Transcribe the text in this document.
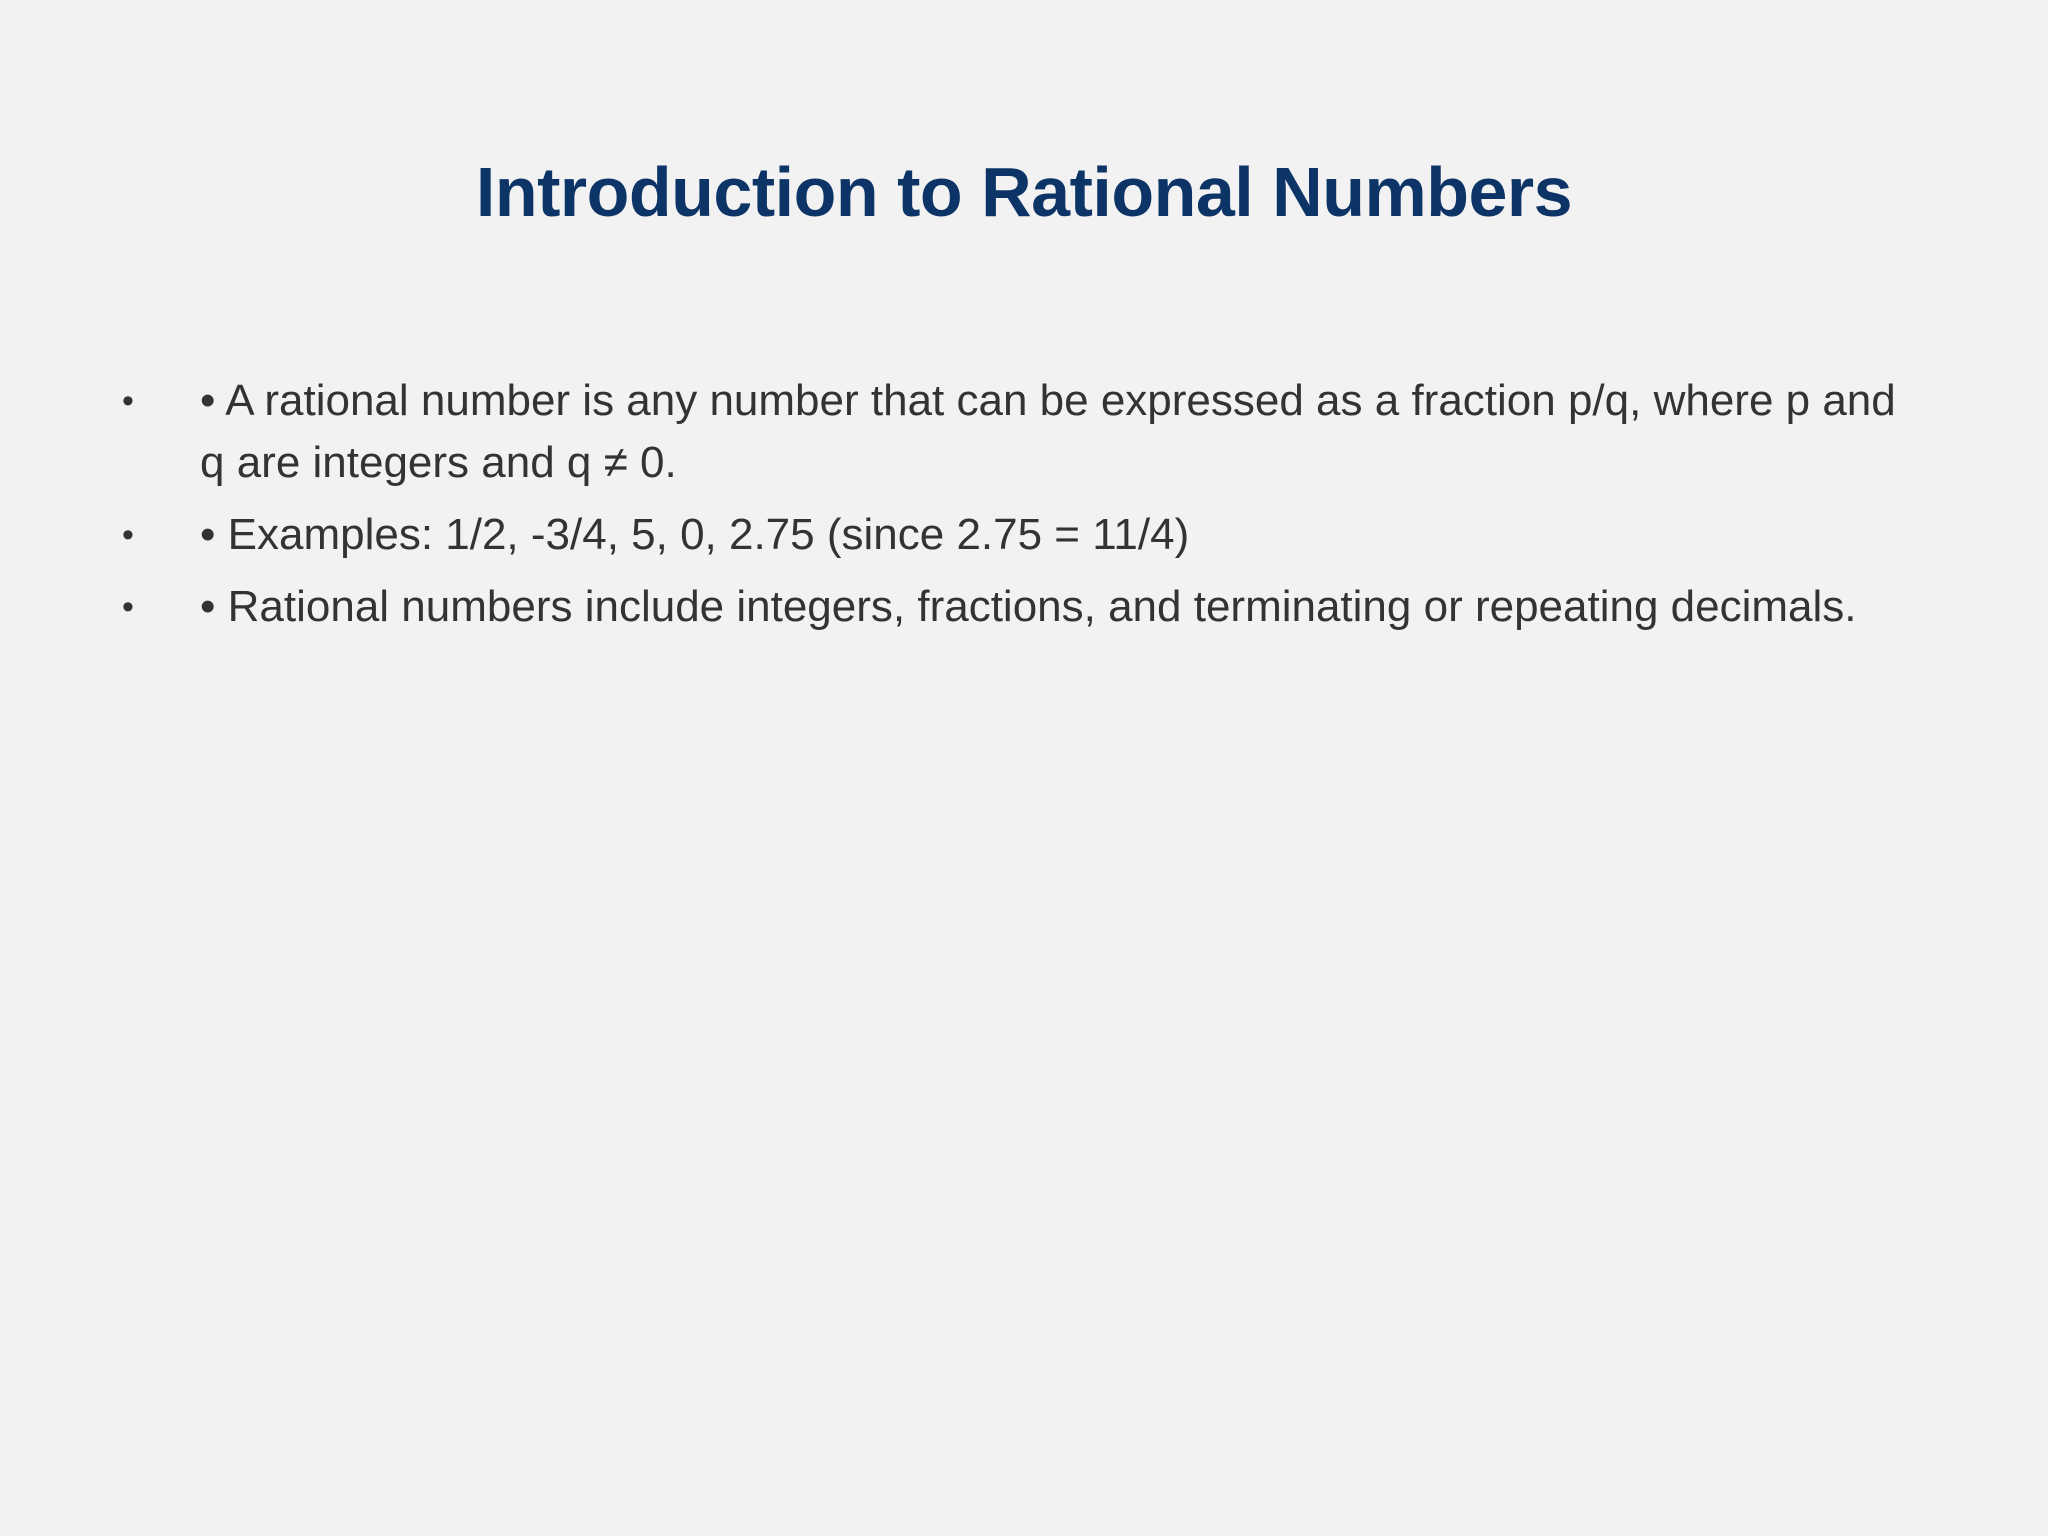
Introduction to Rational Numbers
• • A rational number is any number that can be expressed as a fraction p/q, where p and q are integers and q ≠ 0.
• • Examples: 1/2, -3/4, 5, 0, 2.75 (since 2.75 = 11/4)
• • Rational numbers include integers, fractions, and terminating or repeating decimals.
